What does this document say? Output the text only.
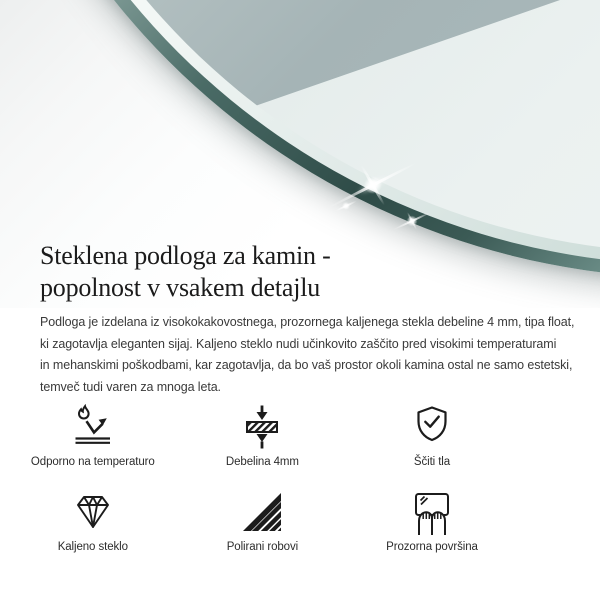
Steklena podloga za kamin -
popolnost v vsakem detajlu
Podloga je izdelana iz visokokakovostnega, prozornega kaljenega stekla debeline 4 mm, tipa float,
ki zagotavlja eleganten sijaj. Kaljeno steklo nudi učinkovito zaščito pred visokimi temperaturami
in mehanskimi poškodbami, kar zagotavlja, da bo vaš prostor okoli kamina ostal ne samo estetski,
temveč tudi varen za mnoga leta.
Odporno na temperaturo	Debelina 4mm	Ščiti tla
Kaljeno steklo	Polirani robovi	Prozorna površina
